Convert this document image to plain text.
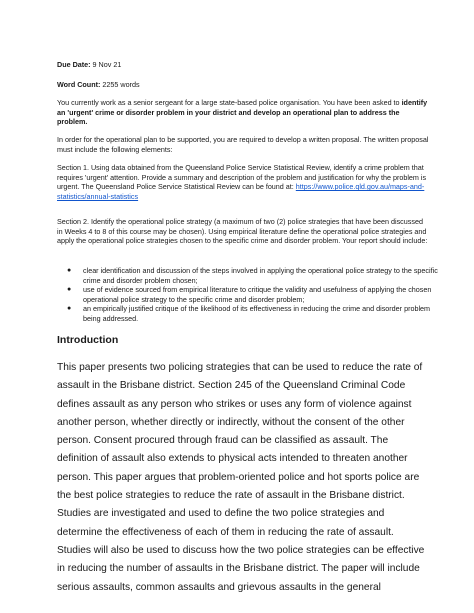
Due Date: 9 Nov 21

Word Count: 2255 words

You currently work as a senior sergeant for a large state-based police organisation. You have been asked to identify an 'urgent' crime or disorder problem in your district and develop an operational plan to address the problem.

In order for the operational plan to be supported, you are required to develop a written proposal. The written proposal must include the following elements:

Section 1. Using data obtained from the Queensland Police Service Statistical Review, identify a crime problem that requires 'urgent' attention. Provide a summary and description of the problem and justification for why the problem is urgent. The Queensland Police Service Statistical Review can be found at: https://www.police.qld.gov.au/maps-and-statistics/annual-statistics

Section 2. Identify the operational police strategy (a maximum of two (2) police strategies that have been discussed in Weeks 4 to 8 of this course may be chosen). Using empirical literature define the operational police strategies and apply the operational police strategies chosen to the specific crime and disorder problem. Your report should include:

● clear identification and discussion of the steps involved in applying the operational police strategy to the specific crime and disorder problem chosen;
● use of evidence sourced from empirical literature to critique the validity and usefulness of applying the chosen operational police strategy to the specific crime and disorder problem;
● an empirically justified critique of the likelihood of its effectiveness in reducing the crime and disorder problem being addressed.
Introduction

This paper presents two policing strategies that can be used to reduce the rate of assault in the Brisbane district. Section 245 of the Queensland Criminal Code defines assault as any person who strikes or uses any form of violence against another person, whether directly or indirectly, without the consent of the other person. Consent procured through fraud can be classified as assault. The definition of assault also extends to physical acts intended to threaten another person. This paper argues that problem-oriented police and hot sports police are the best police strategies to reduce the rate of assault in the Brisbane district. Studies are investigated and used to define the two police strategies and determine the effectiveness of each of them in reducing the rate of assault. Studies will also be used to discuss how the two police strategies can be effective in reducing the number of assaults in the Brisbane district. The paper will include serious assaults, common assaults and grievous assaults in the general
